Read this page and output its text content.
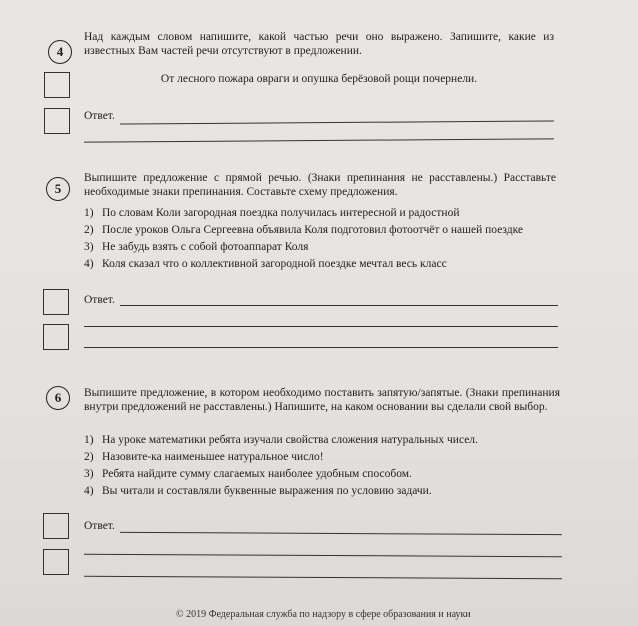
4
Над каждым словом напишите, какой частью речи оно выражено. Запишите, какие из известных Вам частей речи отсутствуют в предложении.
От лесного пожара овраги и опушка берёзовой рощи почернели.
Ответ.
5
Выпишите предложение с прямой речью. (Знаки препинания не расставлены.) Расставьте необходимые знаки препинания. Составьте схему предложения.
1) По словам Коли загородная поездка получилась интересной и радостной
2) После уроков Ольга Сергеевна объявила Коля подготовил фотоотчёт о нашей поездке
3) Не забудь взять с собой фотоаппарат Коля
4) Коля сказал что о коллективной загородной поездке мечтал весь класс
Ответ.
6	Выпишите предложение, в котором необходимо поставить запятую/запятые. (Знаки препинания внутри предложений не расставлены.) Напишите, на каком основании вы сделали свой выбор.
1) На уроке математики ребята изучали свойства сложения натуральных чисел.
2) Назовите-ка наименьшее натуральное число!
3) Ребята найдите сумму слагаемых наиболее удобным способом.
4) Вы читали и составляли буквенные выражения по условию задачи.
Ответ.
© 2019 Федеральная служба по надзору в сфере образования и науки
